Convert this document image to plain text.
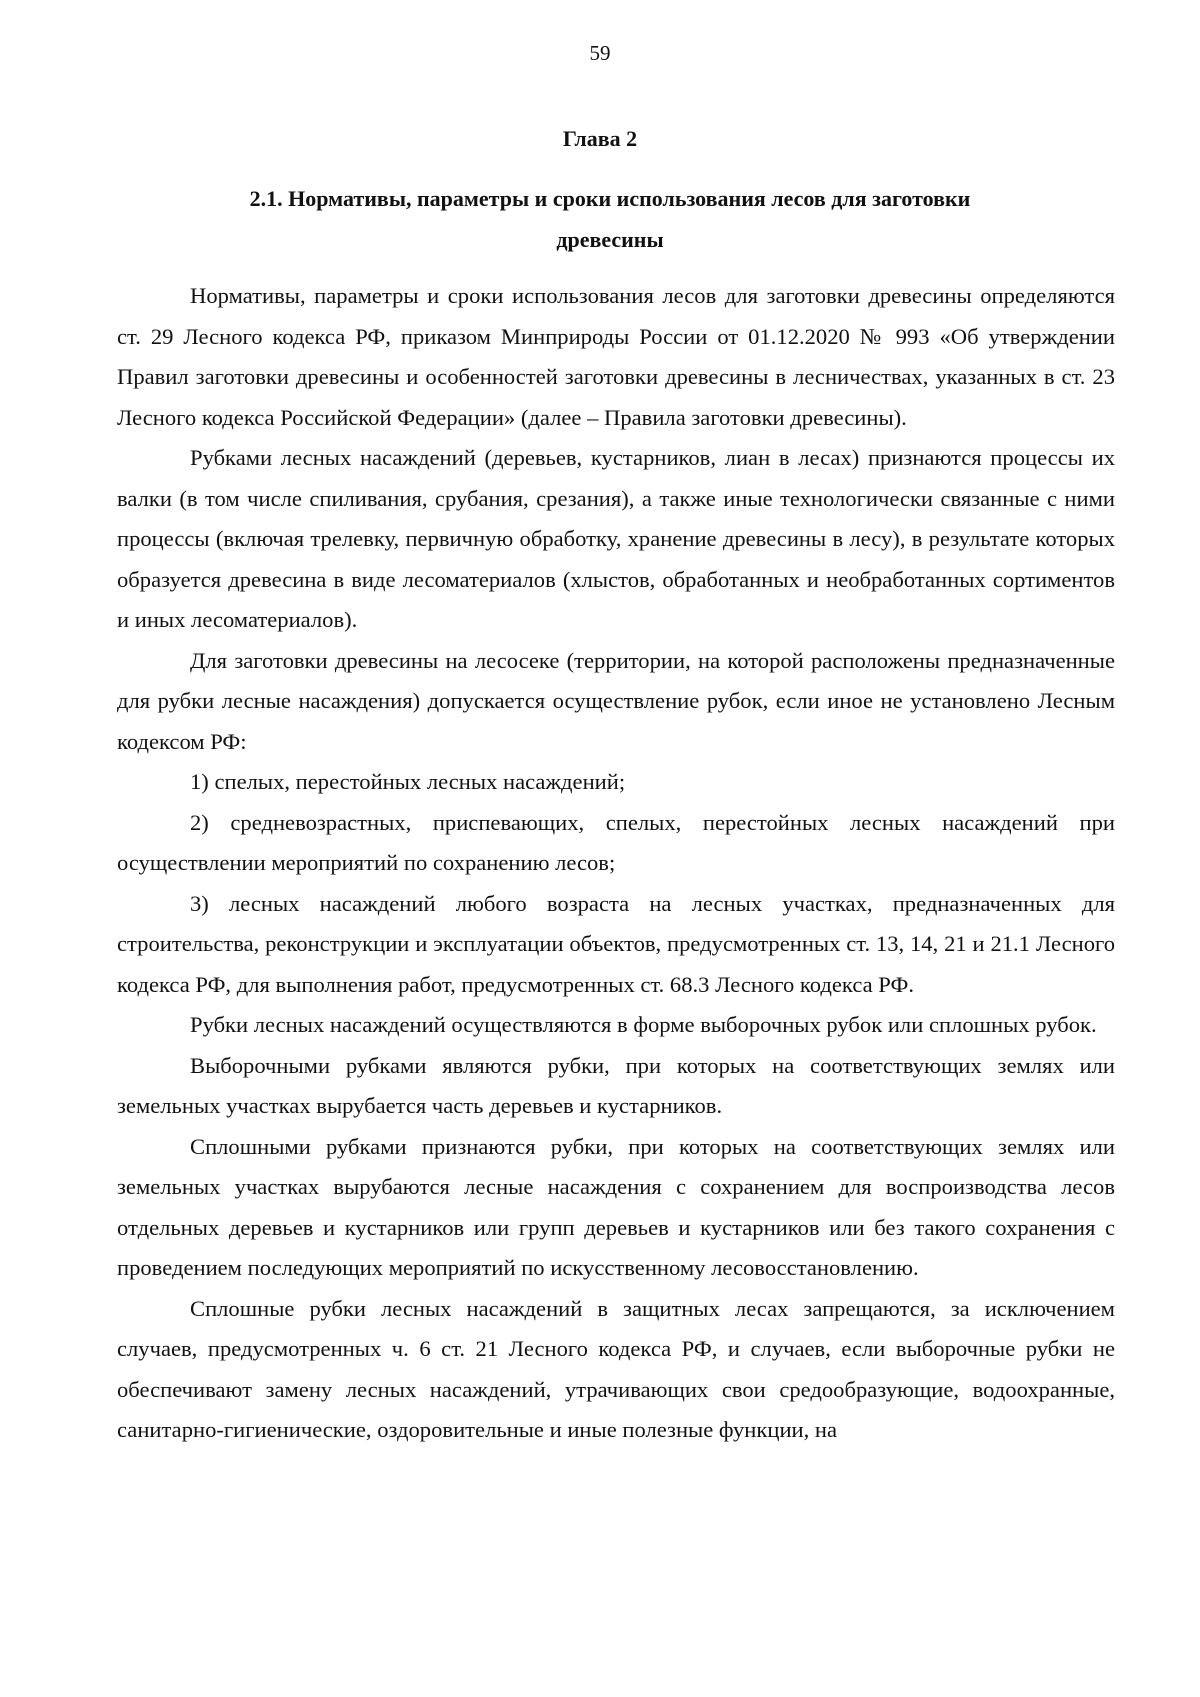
59
Глава 2
2.1. Нормативы, параметры и сроки использования лесов для заготовки древесины

Нормативы, параметры и сроки использования лесов для заготовки древесины определяются ст. 29 Лесного кодекса РФ, приказом Минприроды России от 01.12.2020 № 993 «Об утверждении Правил заготовки древесины и особенностей заготовки древесины в лесничествах, указанных в ст. 23 Лесного кодекса Российской Федерации» (далее – Правила заготовки древесины).

Рубками лесных насаждений (деревьев, кустарников, лиан в лесах) признаются процессы их валки (в том числе спиливания, срубания, срезания), а также иные технологически связанные с ними процессы (включая трелевку, первичную обработку, хранение древесины в лесу), в результате которых образуется древесина в виде лесоматериалов (хлыстов, обработанных и необработанных сортиментов и иных лесоматериалов).

Для заготовки древесины на лесосеке (территории, на которой расположены предназначенные для рубки лесные насаждения) допускается осуществление рубок, если иное не установлено Лесным кодексом РФ:

1) спелых, перестойных лесных насаждений;

2) средневозрастных, приспевающих, спелых, перестойных лесных насаждений при осуществлении мероприятий по сохранению лесов;

3) лесных насаждений любого возраста на лесных участках, предназначенных для строительства, реконструкции и эксплуатации объектов, предусмотренных ст. 13, 14, 21 и 21.1 Лесного кодекса РФ, для выполнения работ, предусмотренных ст. 68.3 Лесного кодекса РФ.

Рубки лесных насаждений осуществляются в форме выборочных рубок или сплошных рубок.

Выборочными рубками являются рубки, при которых на соответствующих землях или земельных участках вырубается часть деревьев и кустарников.

Сплошными рубками признаются рубки, при которых на соответствующих землях или земельных участках вырубаются лесные насаждения с сохранением для воспроизводства лесов отдельных деревьев и кустарников или групп деревьев и кустарников или без такого сохранения с проведением последующих мероприятий по искусственному лесовосстановлению.

Сплошные рубки лесных насаждений в защитных лесах запрещаются, за исключением случаев, предусмотренных ч. 6 ст. 21 Лесного кодекса РФ, и случаев, если выборочные рубки не обеспечивают замену лесных насаждений, утрачивающих свои средообразующие, водоохранные, санитарно-гигиенические, оздоровительные и иные полезные функции, на
